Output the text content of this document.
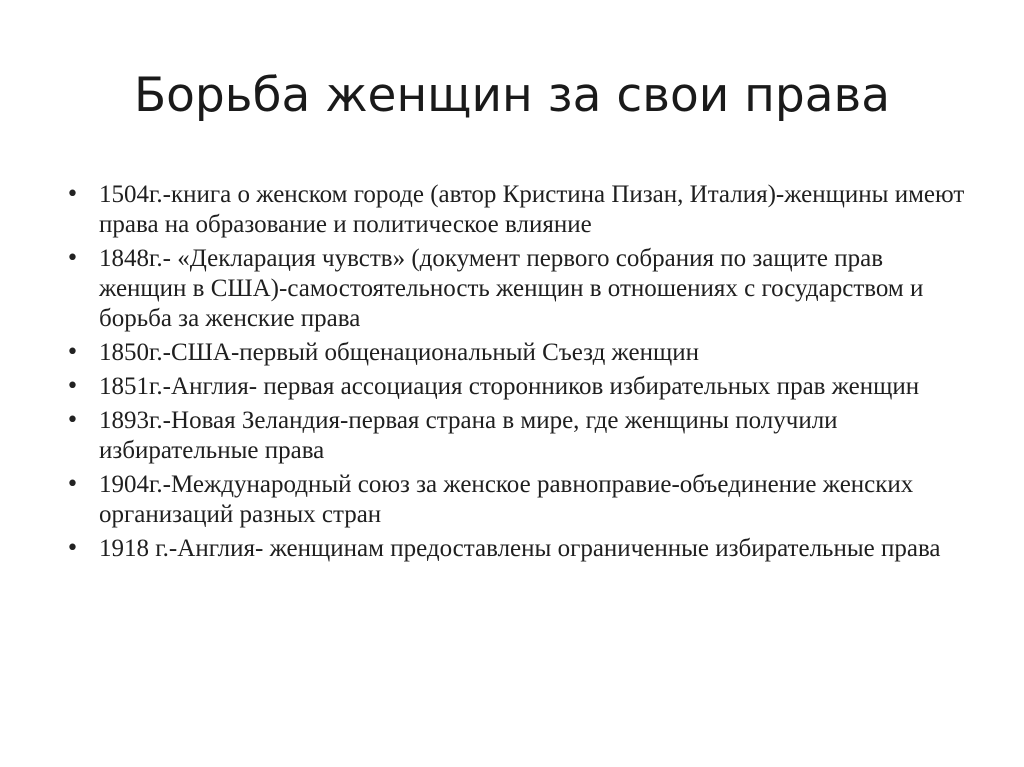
Борьба женщин за свои права
• 1504г.-книга о женском городе (автор Кристина Пизан, Италия)-женщины имеют права на образование и политическое влияние
• 1848г.- «Декларация чувств» (документ первого собрания по защите прав женщин в США)-самостоятельность женщин в отношениях с государством и борьба за женские права
• 1850г.-США-первый общенациональный Съезд женщин
• 1851г.-Англия- первая ассоциация сторонников избирательных прав женщин
• 1893г.-Новая Зеландия-первая страна в мире, где женщины получили избирательные права
• 1904г.-Международный союз за женское равноправие-объединение женских организаций разных стран
• 1918 г.-Англия- женщинам предоставлены ограниченные избирательные права
